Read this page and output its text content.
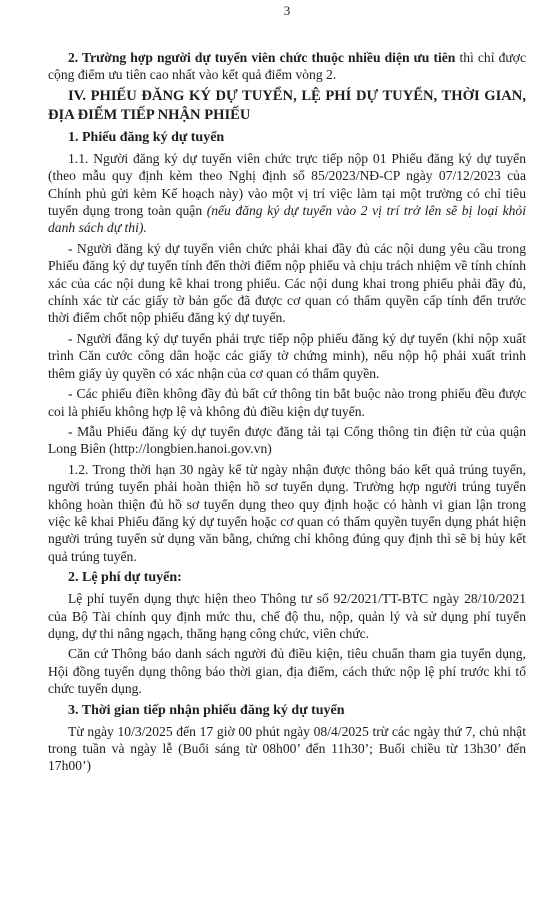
3

2. Trường hợp người dự tuyển viên chức thuộc nhiều diện ưu tiên thì chỉ được cộng điểm ưu tiên cao nhất vào kết quả điểm vòng 2.

IV. PHIẾU ĐĂNG KÝ DỰ TUYỂN, LỆ PHÍ DỰ TUYỂN, THỜI GIAN, ĐỊA ĐIỂM TIẾP NHẬN PHIẾU
1. Phiếu đăng ký dự tuyển

1.1. Người đăng ký dự tuyển viên chức trực tiếp nộp 01 Phiếu đăng ký dự tuyển (theo mẫu quy định kèm theo Nghị định số 85/2023/NĐ-CP ngày 07/12/2023 của Chính phủ gửi kèm Kế hoạch này) vào một vị trí việc làm tại một trường có chỉ tiêu tuyển dụng trong toàn quận (nếu đăng ký dự tuyển vào 2 vị trí trở lên sẽ bị loại khỏi danh sách dự thi).

- Người đăng ký dự tuyển viên chức phải khai đầy đủ các nội dung yêu cầu trong Phiếu đăng ký dự tuyển tính đến thời điểm nộp phiếu và chịu trách nhiệm về tính chính xác của các nội dung kê khai trong phiếu. Các nội dung khai trong phiếu phải đầy đủ, chính xác từ các giấy tờ bản gốc đã được cơ quan có thẩm quyền cấp tính đến trước thời điểm chốt nộp phiếu đăng ký dự tuyển.

- Người đăng ký dự tuyển phải trực tiếp nộp phiếu đăng ký dự tuyển (khi nộp xuất trình Căn cước công dân hoặc các giấy tờ chứng minh), nếu nộp hộ phải xuất trình thêm giấy ủy quyền có xác nhận của cơ quan có thẩm quyền.

- Các phiếu điền không đầy đủ bất cứ thông tin bắt buộc nào trong phiếu đều được coi là phiếu không hợp lệ và không đủ điều kiện dự tuyển.

- Mẫu Phiếu đăng ký dự tuyển được đăng tải tại Cổng thông tin điện tử của quận Long Biên (http://longbien.hanoi.gov.vn)

1.2. Trong thời hạn 30 ngày kể từ ngày nhận được thông báo kết quả trúng tuyển, người trúng tuyển phải hoàn thiện hồ sơ tuyển dụng. Trường hợp người trúng tuyển không hoàn thiện đủ hồ sơ tuyển dụng theo quy định hoặc có hành vi gian lận trong việc kê khai Phiếu đăng ký dự tuyển hoặc cơ quan có thẩm quyền tuyển dụng phát hiện người trúng tuyển sử dụng văn bằng, chứng chỉ không đúng quy định thì sẽ bị hủy kết quả trúng tuyển.

2. Lệ phí dự tuyển:

Lệ phí tuyển dụng thực hiện theo Thông tư số 92/2021/TT-BTC ngày 28/10/2021 của Bộ Tài chính quy định mức thu, chế độ thu, nộp, quản lý và sử dụng phí tuyển dụng, dự thi nâng ngạch, thăng hạng công chức, viên chức.

Căn cứ Thông báo danh sách người đủ điều kiện, tiêu chuẩn tham gia tuyển dụng, Hội đồng tuyển dụng thông báo thời gian, địa điểm, cách thức nộp lệ phí trước khi tổ chức tuyển dụng.

3. Thời gian tiếp nhận phiếu đăng ký dự tuyển

Từ ngày 10/3/2025 đến 17 giờ 00 phút ngày 08/4/2025 trừ các ngày thứ 7, chủ nhật trong tuần và ngày lễ (Buổi sáng từ 08h00’ đến 11h30’; Buổi chiều từ 13h30’ đến 17h00’)
